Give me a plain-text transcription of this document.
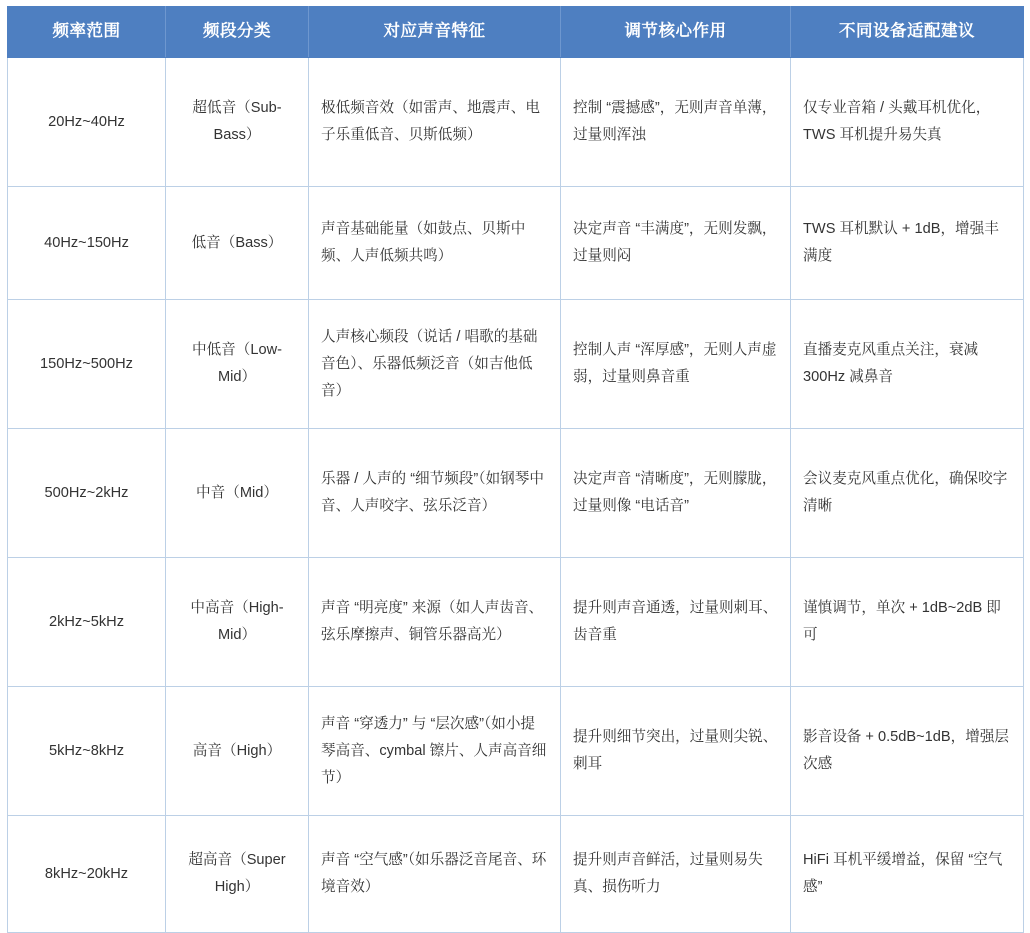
频率范围	频段分类	对应声音特征	调节核心作用	不同设备适配建议
20Hz~40Hz	超低音（Sub-Bass）	极低频音效（如雷声、地震声、电子乐重低音、贝斯低频）	控制 “震撼感”，无则声音单薄，过量则浑浊	仅专业音箱 / 头戴耳机优化，TWS 耳机提升易失真
40Hz~150Hz	低音（Bass）	声音基础能量（如鼓点、贝斯中频、人声低频共鸣）	决定声音 “丰满度”，无则发飘，过量则闷	TWS 耳机默认 + 1dB，增强丰满度
150Hz~500Hz	中低音（Low-Mid）	人声核心频段（说话 / 唱歌的基础音色）、乐器低频泛音（如吉他低音）	控制人声 “浑厚感”，无则人声虚弱，过量则鼻音重	直播麦克风重点关注，衰减 300Hz 减鼻音
500Hz~2kHz	中音（Mid）	乐器 / 人声的 “细节频段”（如钢琴中音、人声咬字、弦乐泛音）	决定声音 “清晰度”，无则朦胧，过量则像 “电话音”	会议麦克风重点优化，确保咬字清晰
2kHz~5kHz	中高音（High-Mid）	声音 “明亮度” 来源（如人声齿音、弦乐摩擦声、铜管乐器高光）	提升则声音通透，过量则刺耳、齿音重	谨慎调节，单次 + 1dB~2dB 即可
5kHz~8kHz	高音（High）	声音 “穿透力” 与 “层次感”（如小提琴高音、cymbal 镲片、人声高音细节）	提升则细节突出，过量则尖锐、刺耳	影音设备 + 0.5dB~1dB，增强层次感
8kHz~20kHz	超高音（Super High）	声音 “空气感”（如乐器泛音尾音、环境音效）	提升则声音鲜活，过量则易失真、损伤听力	HiFi 耳机平缓增益，保留 “空气感”
